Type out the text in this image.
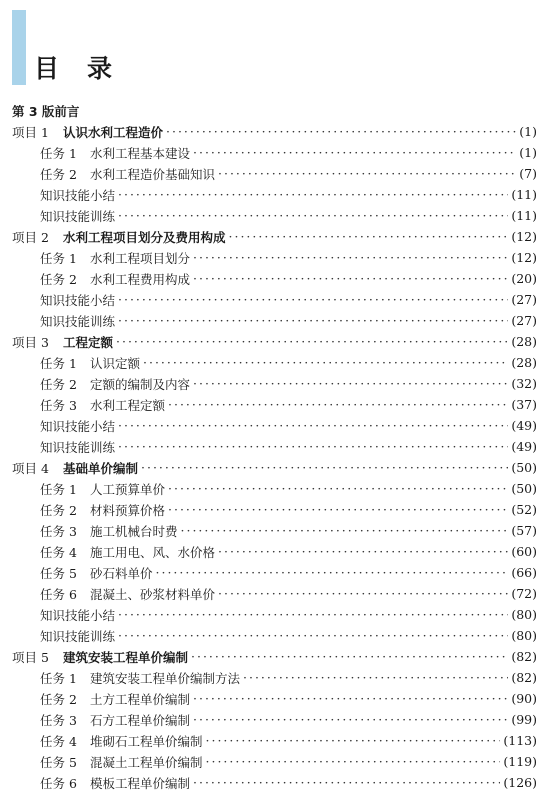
目 录
第 3 版前言
项目 1	认识水利工程造价 ·····	(1)
任务 1	水利工程基本建设 ·····	(1)
任务 2	水利工程造价基础知识 ·····	(7)
知识技能小结 ·····	(11)
知识技能训练 ·····	(11)
项目 2	水利工程项目划分及费用构成 ·····	(12)
任务 1	水利工程项目划分 ·····	(12)
任务 2	水利工程费用构成 ·····	(20)
知识技能小结 ·····	(27)
知识技能训练 ·····	(27)
项目 3	工程定额 ·····	(28)
任务 1	认识定额 ·····	(28)
任务 2	定额的编制及内容 ·····	(32)
任务 3	水利工程定额 ·····	(37)
知识技能小结 ·····	(49)
知识技能训练 ·····	(49)
项目 4	基础单价编制 ·····	(50)
任务 1	人工预算单价 ·····	(50)
任务 2	材料预算价格 ·····	(52)
任务 3	施工机械台时费 ·····	(57)
任务 4	施工用电、风、水价格 ·····	(60)
任务 5	砂石料单价 ·····	(66)
任务 6	混凝土、砂浆材料单价 ·····	(72)
知识技能小结 ·····	(80)
知识技能训练 ·····	(80)
项目 5	建筑安装工程单价编制 ·····	(82)
任务 1	建筑安装工程单价编制方法 ·····	(82)
任务 2	土方工程单价编制 ·····	(90)
任务 3	石方工程单价编制 ·····	(99)
任务 4	堆砌石工程单价编制 ·····	(113)
任务 5	混凝土工程单价编制 ·····	(119)
任务 6	模板工程单价编制 ·····	(126)
